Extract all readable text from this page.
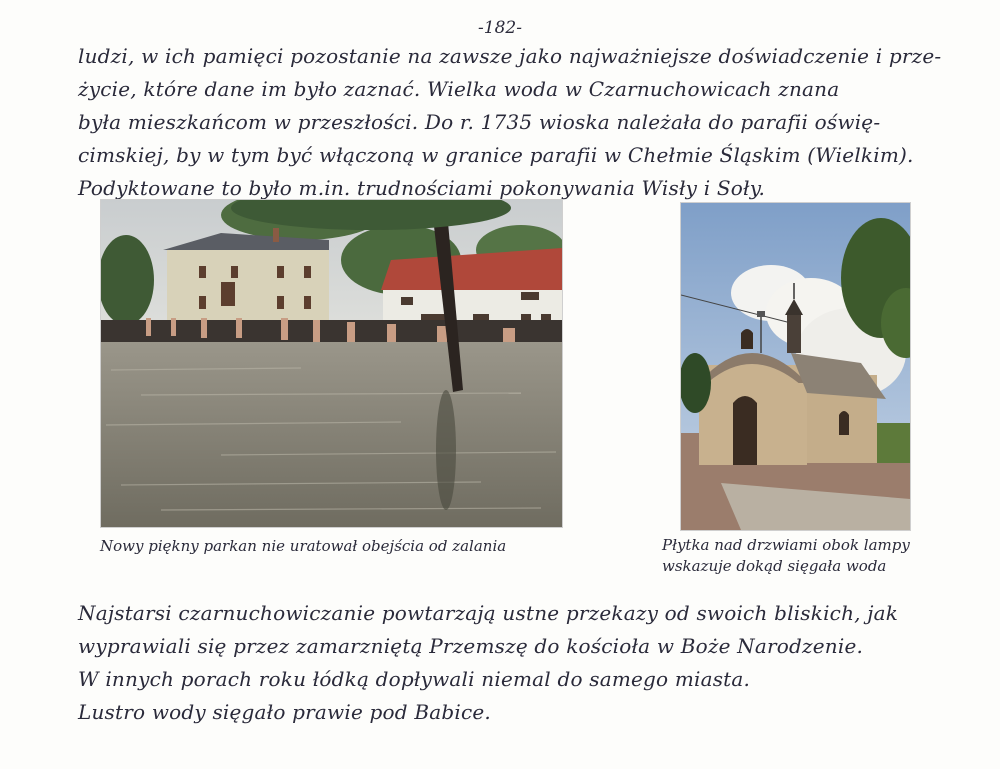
-182-
ludzi, w ich pamięci pozostanie na zawsze jako najważniejsze doświadczenie i prze-
życie, które dane im było zaznać. Wielka woda w Czarnuchowicach znana
była mieszkańcom w przeszłości. Do r. 1735 wioska należała do parafii oświę-
cimskiej, by w tym być włączoną w granice parafii w Chełmie Śląskim (Wielkim).
Podyktowane to było m.in. trudnościami pokonywania Wisły i Soły.
Nowy piękny parkan nie uratował obejścia od zalania	Płytka nad drzwiami obok lampy
wskazuje dokąd sięgała woda
Najstarsi czarnuchowiczanie powtarzają ustne przekazy od swoich bliskich, jak
wyprawiali się przez zamarzniętą Przemszę do kościoła w Boże Narodzenie.
W innych porach roku łódką dopływali niemal do samego miasta.
Lustro wody sięgało prawie pod Babice.
